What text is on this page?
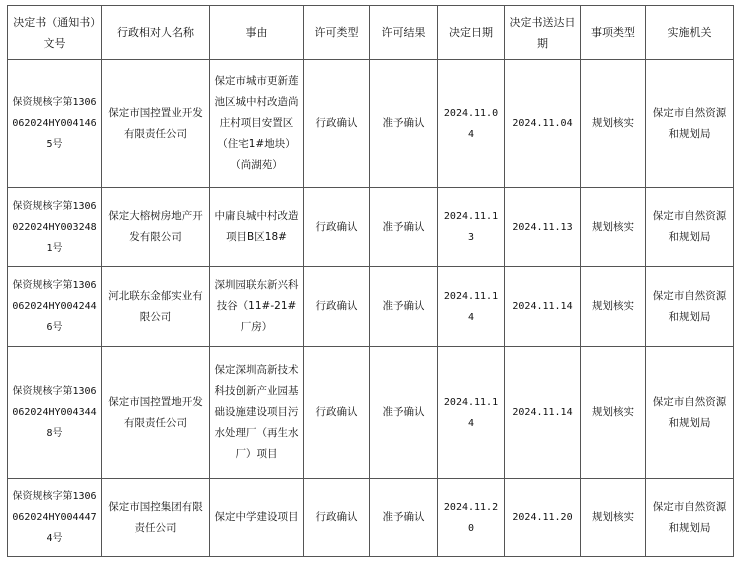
决定书（通知书）文号	行政相对人名称	事由	许可类型	许可结果	决定日期	决定书送达日期	事项类型	实施机关
保资规核字第1306062024HY0041465号	保定市国控置业开发有限责任公司	保定市城市更新莲池区城中村改造尚庄村项目安置区（住宅1#地块）（尚湖苑）	行政确认	准予确认	2024.11.04	2024.11.04	规划核实	保定市自然资源和规划局
保资规核字第1306022024HY0032481号	保定大榕树房地产开发有限公司	中庸良城中村改造项目B区18#	行政确认	准予确认	2024.11.13	2024.11.13	规划核实	保定市自然资源和规划局
保资规核字第1306062024HY0042446号	河北联东金郁实业有限公司	深圳园联东新兴科技谷（11#-21#厂房）	行政确认	准予确认	2024.11.14	2024.11.14	规划核实	保定市自然资源和规划局
保资规核字第1306062024HY0043448号	保定市国控置地开发有限责任公司	保定深圳高新技术科技创新产业园基础设施建设项目污水处理厂（再生水厂）项目	行政确认	准予确认	2024.11.14	2024.11.14	规划核实	保定市自然资源和规划局
保资规核字第1306062024HY0044474号	保定市国控集团有限责任公司	保定中学建设项目	行政确认	准予确认	2024.11.20	2024.11.20	规划核实	保定市自然资源和规划局
